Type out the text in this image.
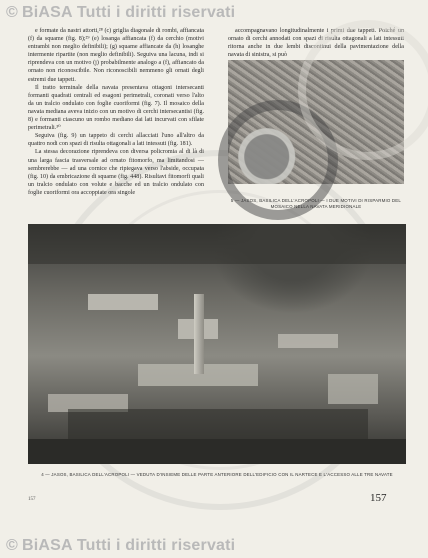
© BiASA Tutti i diritti riservati

e formate da nastri attorti,²⁸ (c) griglia diagonale di rombi, affiancata (f) da squame (fig. 8);²⁹ (e) losanga affiancata (f) da cerchio (motivi entrambi non meglio definibili); (g) squame affiancate da (h) losanghe intermente ripartite (non meglio definibili). Seguiva una lacuna, indi si riprendeva con un motivo (j) probabilmente analogo a (f), affiancato da ornato non riconoscibile. Non riconoscibili nemmeno gli ornati degli estremi due tappeti.

Il tratto terminale della navata presentava ottagoni intersecanti formanti quadrati centrali ed esagoni perimetrali, coronati verso l'alto da un tralcio ondulato con foglie cuoriformi (fig. 7). Il mosaico della navata mediana aveva inizio con un motivo di cerchi intersecantisi (fig. 8) e formanti ciascuno un rombo mediano dai lati incurvati con sfilate perimetrali.³⁰

Seguiva (fig. 9) un tappeto di cerchi allacciati l'uno all'altro da quattro nodi con spazi di risulta ottagonali a lati intessuti (fig. 181).

La stessa decorazione riprendeva con diversa policromia al di là di una larga fascia trasversale ad ornato fitomorfo, ma limitandosi — sembrerebbe — ad una cornice che ripiegava verso l'abside, occupata (fig. 10) da embricazione di squame (fig. 448). Risultavi fitomorfi quali un tralcio ondulato con volute e bacche ed un tralcio ondulato con foglie cuoriformi ora accoppiate ora singole

accompagnavano longitudinalmente i primi due tappeti. Poiché un ornato di cerchi annodati con spazi di risulta ottagonali a lati intessuti ritorna anche in due lembi discontinui della pavimentazione della navata di sinistra, si può

5 — JASOS, BASILICA DELL'ACROPOLI — I DUE MOTIVI DI RISPARMIO DEL MOSAICO NELLA NAVATA MERIDIONALE
4 — JASOS, BASILICA DELL'ACROPOLI — VEDUTA D'INSIEME DELLE PARTE ANTERIORE DELL'EDIFICIO CON IL NARTECE E L'ACCESSO ALLE TRE NAVATE
157	157
© BiASA Tutti i diritti riservati
